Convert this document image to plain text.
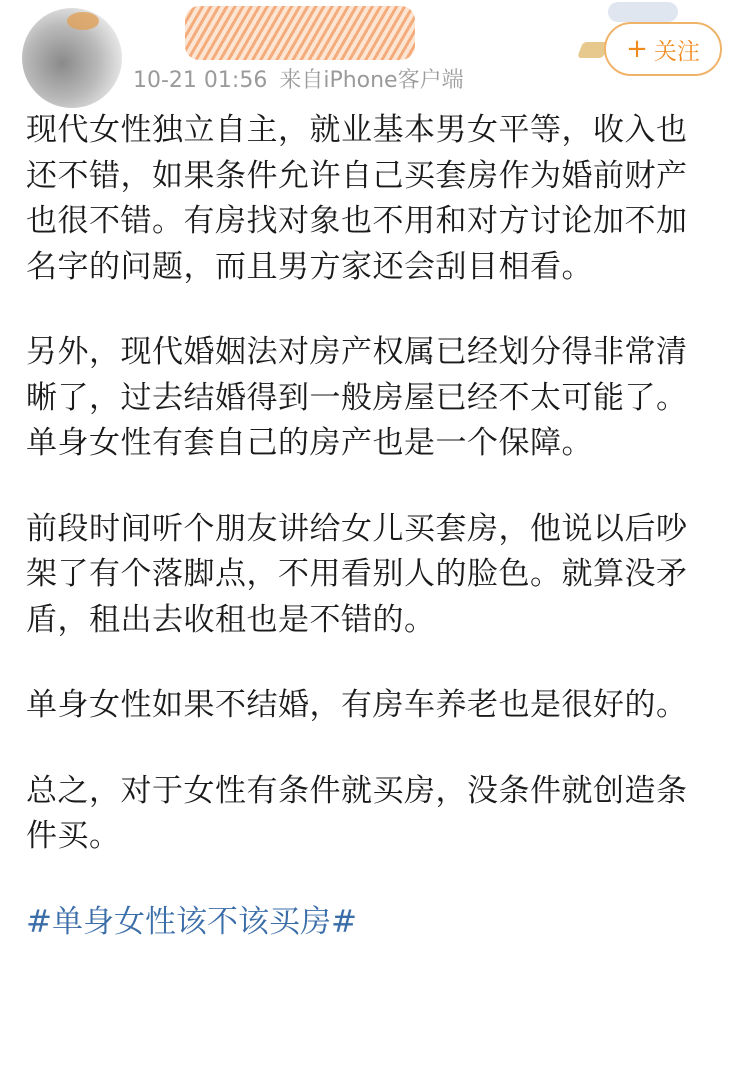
10-21 01:56 来自iPhone客户端
+ 关注

现代女性独立自主，就业基本男女平等，收入也还不错，如果条件允许自己买套房作为婚前财产也很不错。有房找对象也不用和对方讨论加不加名字的问题，而且男方家还会刮目相看。

另外，现代婚姻法对房产权属已经划分得非常清晰了，过去结婚得到一般房屋已经不太可能了。单身女性有套自己的房产也是一个保障。

前段时间听个朋友讲给女儿买套房，他说以后吵架了有个落脚点，不用看别人的脸色。就算没矛盾，租出去收租也是不错的。

单身女性如果不结婚，有房车养老也是很好的。

总之，对于女性有条件就买房，没条件就创造条件买。

#单身女性该不该买房#
